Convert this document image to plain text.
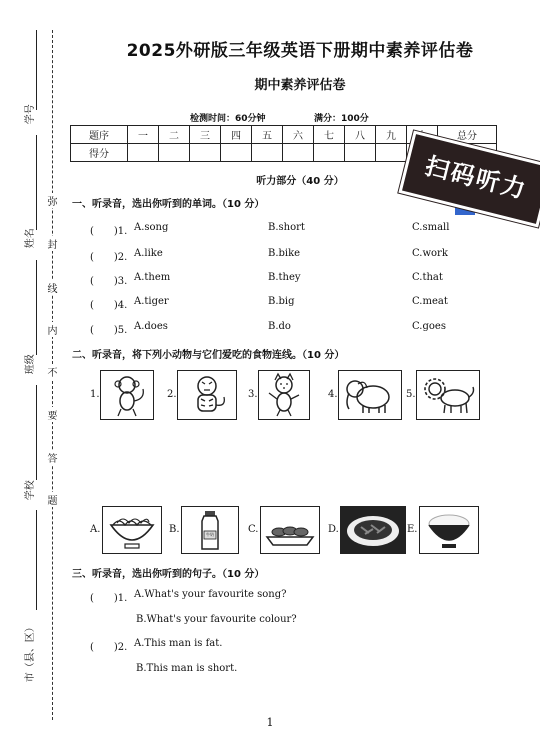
学号
姓名
班级
学校
市（县、区）
弥
封
线
内
不
要
答
题
2025外研版三年级英语下册期中素养评估卷
期中素养评估卷
检测时间：60分钟	满分：100分
题序	一	二	三	四	五	六	七	八	九		总分
得分												扫码听力
听力部分（40 分）
一、听录音，选出你听到的单词。（10 分）
(　　)1. A.song	B.short	C.small
(　　)2. A.like	B.bike	C.work
(　　)3. A.them	B.they	C.that
(　　)4. A.tiger	B.big	C.meat
(　　)5. A.does	B.do	C.goes
二、听录音，将下列小动物与它们爱吃的食物连线。（10 分）
1.	2.	3.	4.	5.
A.	B.	牛奶	C.	D.	E.
三、听录音，选出你听到的句子。（10 分）
(　　)1. A.What's your favourite song?
B.What's your favourite colour?
(　　)2. A.This man is fat.
B.This man is short.
1
